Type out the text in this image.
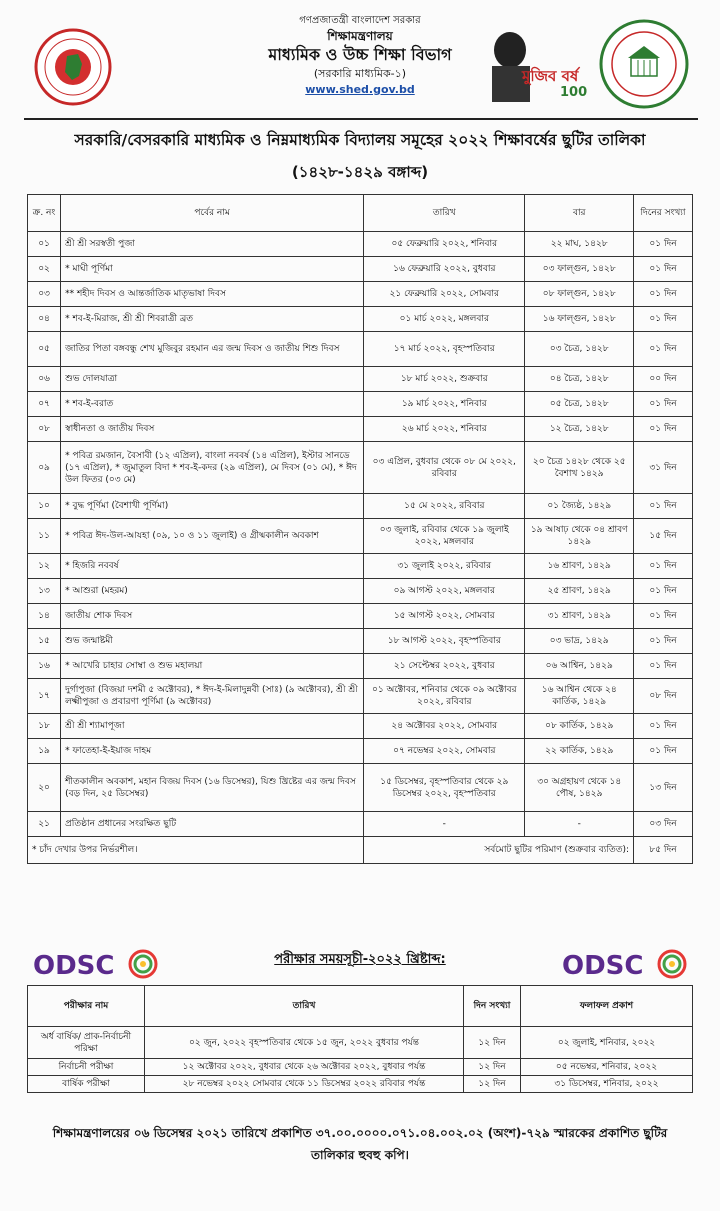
গণপ্রজাতন্ত্রী বাংলাদেশ সরকার
শিক্ষামন্ত্রণালয়
মাধ্যমিক ও উচ্চ শিক্ষা বিভাগ
(সরকারি মাধ্যমিক-১)
www.shed.gov.bd
মুজিব বর্ষ
100
সরকারি/বেসরকারি মাধ্যমিক ও নিম্নমাধ্যমিক বিদ্যালয় সমূহের ২০২২ শিক্ষাবর্ষের ছুটির তালিকা
(১৪২৮-১৪২৯ বঙ্গাব্দ)
ক্র. নং	পর্বের নাম	তারিখ	বার	দিনের সংখ্যা
০১	শ্রী শ্রী সরস্বতী পুজা	০৫ ফেব্রুয়ারি ২০২২, শনিবার	২২ মাঘ, ১৪২৮	০১ দিন
০২	* মাঘী পূর্ণিমা	১৬ ফেব্রুয়ারি ২০২২, বুধবার	০৩ ফাল্গুন, ১৪২৮	০১ দিন
০৩	** শহীদ দিবস ও আন্তর্জাতিক মাতৃভাষা দিবস	২১ ফেব্রুয়ারি ২০২২, সোমবার	০৮ ফাল্গুন, ১৪২৮	০১ দিন
০৪	* শব-ই-মিরাজ, শ্রী শ্রী শিবরাত্রী ব্রত	০১ মার্চ ২০২২, মঙ্গলবার	১৬ ফাল্গুন, ১৪২৮	০১ দিন
০৫	জাতির পিতা বঙ্গবন্ধু শেখ মুজিবুর রহমান এর জন্ম দিবস ও জাতীয় শিশু দিবস	১৭ মার্চ ২০২২, বৃহস্পতিবার	০৩ চৈত্র, ১৪২৮	০১ দিন
০৬	শুভ দোলযাত্রা	১৮ মার্চ ২০২২, শুক্রবার	০৪ চৈত্র, ১৪২৮	০০ দিন
০৭	* শব-ই-বরাত	১৯ মার্চ ২০২২, শনিবার	০৫ চৈত্র, ১৪২৮	০১ দিন
০৮	স্বাধীনতা ও জাতীয় দিবস	২৬ মার্চ ২০২২, শনিবার	১২ চৈত্র, ১৪২৮	০১ দিন
০৯	* পবিত্র রমজান, বৈসাবী (১২ এপ্রিল), বাংলা নববর্ষ (১৪ এপ্রিল), ইস্টার সানডে (১৭ এপ্রিল), * জুমাতুল বিদা * শব-ই-কদর (২৯ এপ্রিল), মে দিবস (০১ মে), * ঈদ উল ফিতর (০৩ মে)	০৩ এপ্রিল, বুধবার থেকে ০৮ মে ২০২২, রবিবার	২০ চৈত্র ১৪২৮ থেকে ২৫ বৈশাখ ১৪২৯	৩১ দিন
১০	* বুদ্ধ পূর্ণিমা (বৈশাখী পূর্ণিমা)	১৫ মে ২০২২, রবিবার	০১ জ্যৈষ্ঠ, ১৪২৯	০১ দিন
১১	* পবিত্র ঈদ-উল-আযহা (০৯, ১০ ও ১১ জুলাই) ও গ্রীষ্মকালীন অবকাশ	০৩ জুলাই, রবিবার থেকে ১৯ জুলাই ২০২২, মঙ্গলবার	১৯ আষাঢ় থেকে ০৪ শ্রাবণ ১৪২৯	১৫ দিন
১২	* হিজরি নববর্ষ	৩১ জুলাই ২০২২, রবিবার	১৬ শ্রাবণ, ১৪২৯	০১ দিন
১৩	* আশুরা (মহরম)	০৯ আগস্ট ২০২২, মঙ্গলবার	২৫ শ্রাবণ, ১৪২৯	০১ দিন
১৪	জাতীয় শোক দিবস	১৫ আগস্ট ২০২২, সোমবার	৩১ শ্রাবণ, ১৪২৯	০১ দিন
১৫	শুভ জন্মাষ্টমী	১৮ আগস্ট ২০২২, বৃহস্পতিবার	০৩ ভাদ্র, ১৪২৯	০১ দিন
১৬	* আখেরি চাহার সোম্বা ও শুভ মহালয়া	২১ সেপ্টেম্বর ২০২২, বুধবার	০৬ আশ্বিন, ১৪২৯	০১ দিন
১৭	দুর্গাপুজা (বিজয়া দশমী ৫ অক্টোবর), * ঈদ-ই-মিলাদুন্নবী (সাঃ) (৯ অক্টোবর), শ্রী শ্রী লক্ষ্মীপুজা ও প্রবারণা পূর্ণিমা (৯ অক্টোবর)	০১ অক্টোবর, শনিবার থেকে ০৯ অক্টোবর ২০২২, রবিবার	১৬ আশ্বিন থেকে ২৪ কার্তিক, ১৪২৯	০৮ দিন
১৮	শ্রী শ্রী শ্যামাপূজা	২৪ অক্টোবর ২০২২, সোমবার	০৮ কার্তিক, ১৪২৯	০১ দিন
১৯	* ফাতেহা-ই-ইয়াজ দাহম	০৭ নভেম্বর ২০২২, সোমবার	২২ কার্তিক, ১৪২৯	০১ দিন
২০	শীতকালীন অবকাশ, মহান বিজয় দিবস (১৬ ডিসেম্বর), যিশু খ্রিষ্টের এর জন্ম দিবস (বড় দিন, ২৫ ডিসেম্বর)	১৫ ডিসেম্বর, বৃহস্পতিবার থেকে ২৯ ডিসেম্বর ২০২২, বৃহস্পতিবার	৩০ অগ্রহায়ণ থেকে ১৪ পৌষ, ১৪২৯	১৩ দিন
২১	প্রতিষ্ঠান প্রধানের সংরক্ষিত ছুটি	-	-	০৩ দিন
* চাঁদ দেখার উপর নির্ভরশীল।		সর্বমোট ছুটির পরিমাণ (শুক্রবার ব্যতিত):		৮৫ দিন
ODSC	পরীক্ষার সময়সূচী-২০২২ খ্রিষ্টাব্দ:	ODSC
পরীক্ষার নাম	তারিখ	দিন সংখ্যা	ফলাফল প্রকাশ
অর্ধ বার্ষিক/ প্রাক-নির্বাচনী পরিক্ষা	০২ জুন, ২০২২ বৃহস্পতিবার থেকে ১৫ জুন, ২০২২ বুধবার পর্যন্ত	১২ দিন	০২ জুলাই, শনিবার, ২০২২
নির্বাচনী পরীক্ষা	১২ অক্টোবর ২০২২, বুধবার থেকে ২৬ অক্টোবর ২০২২, বুধবার পর্যন্ত	১২ দিন	০৫ নভেম্বর, শনিবার, ২০২২
বার্ষিক পরীক্ষা	২৮ নভেম্বর ২০২২ সোমবার থেকে ১১ ডিসেম্বর ২০২২ রবিবার পর্যন্ত	১২ দিন	৩১ ডিসেম্বর, শনিবার, ২০২২
শিক্ষামন্ত্রণালয়ের ০৬ ডিসেম্বর ২০২১ তারিখে প্রকাশিত ৩৭.০০.০০০০.০৭১.০৪.০০২.০২ (অংশ)-৭২৯ স্মারকের প্রকাশিত ছুটির তালিকার হুবহু কপি।
